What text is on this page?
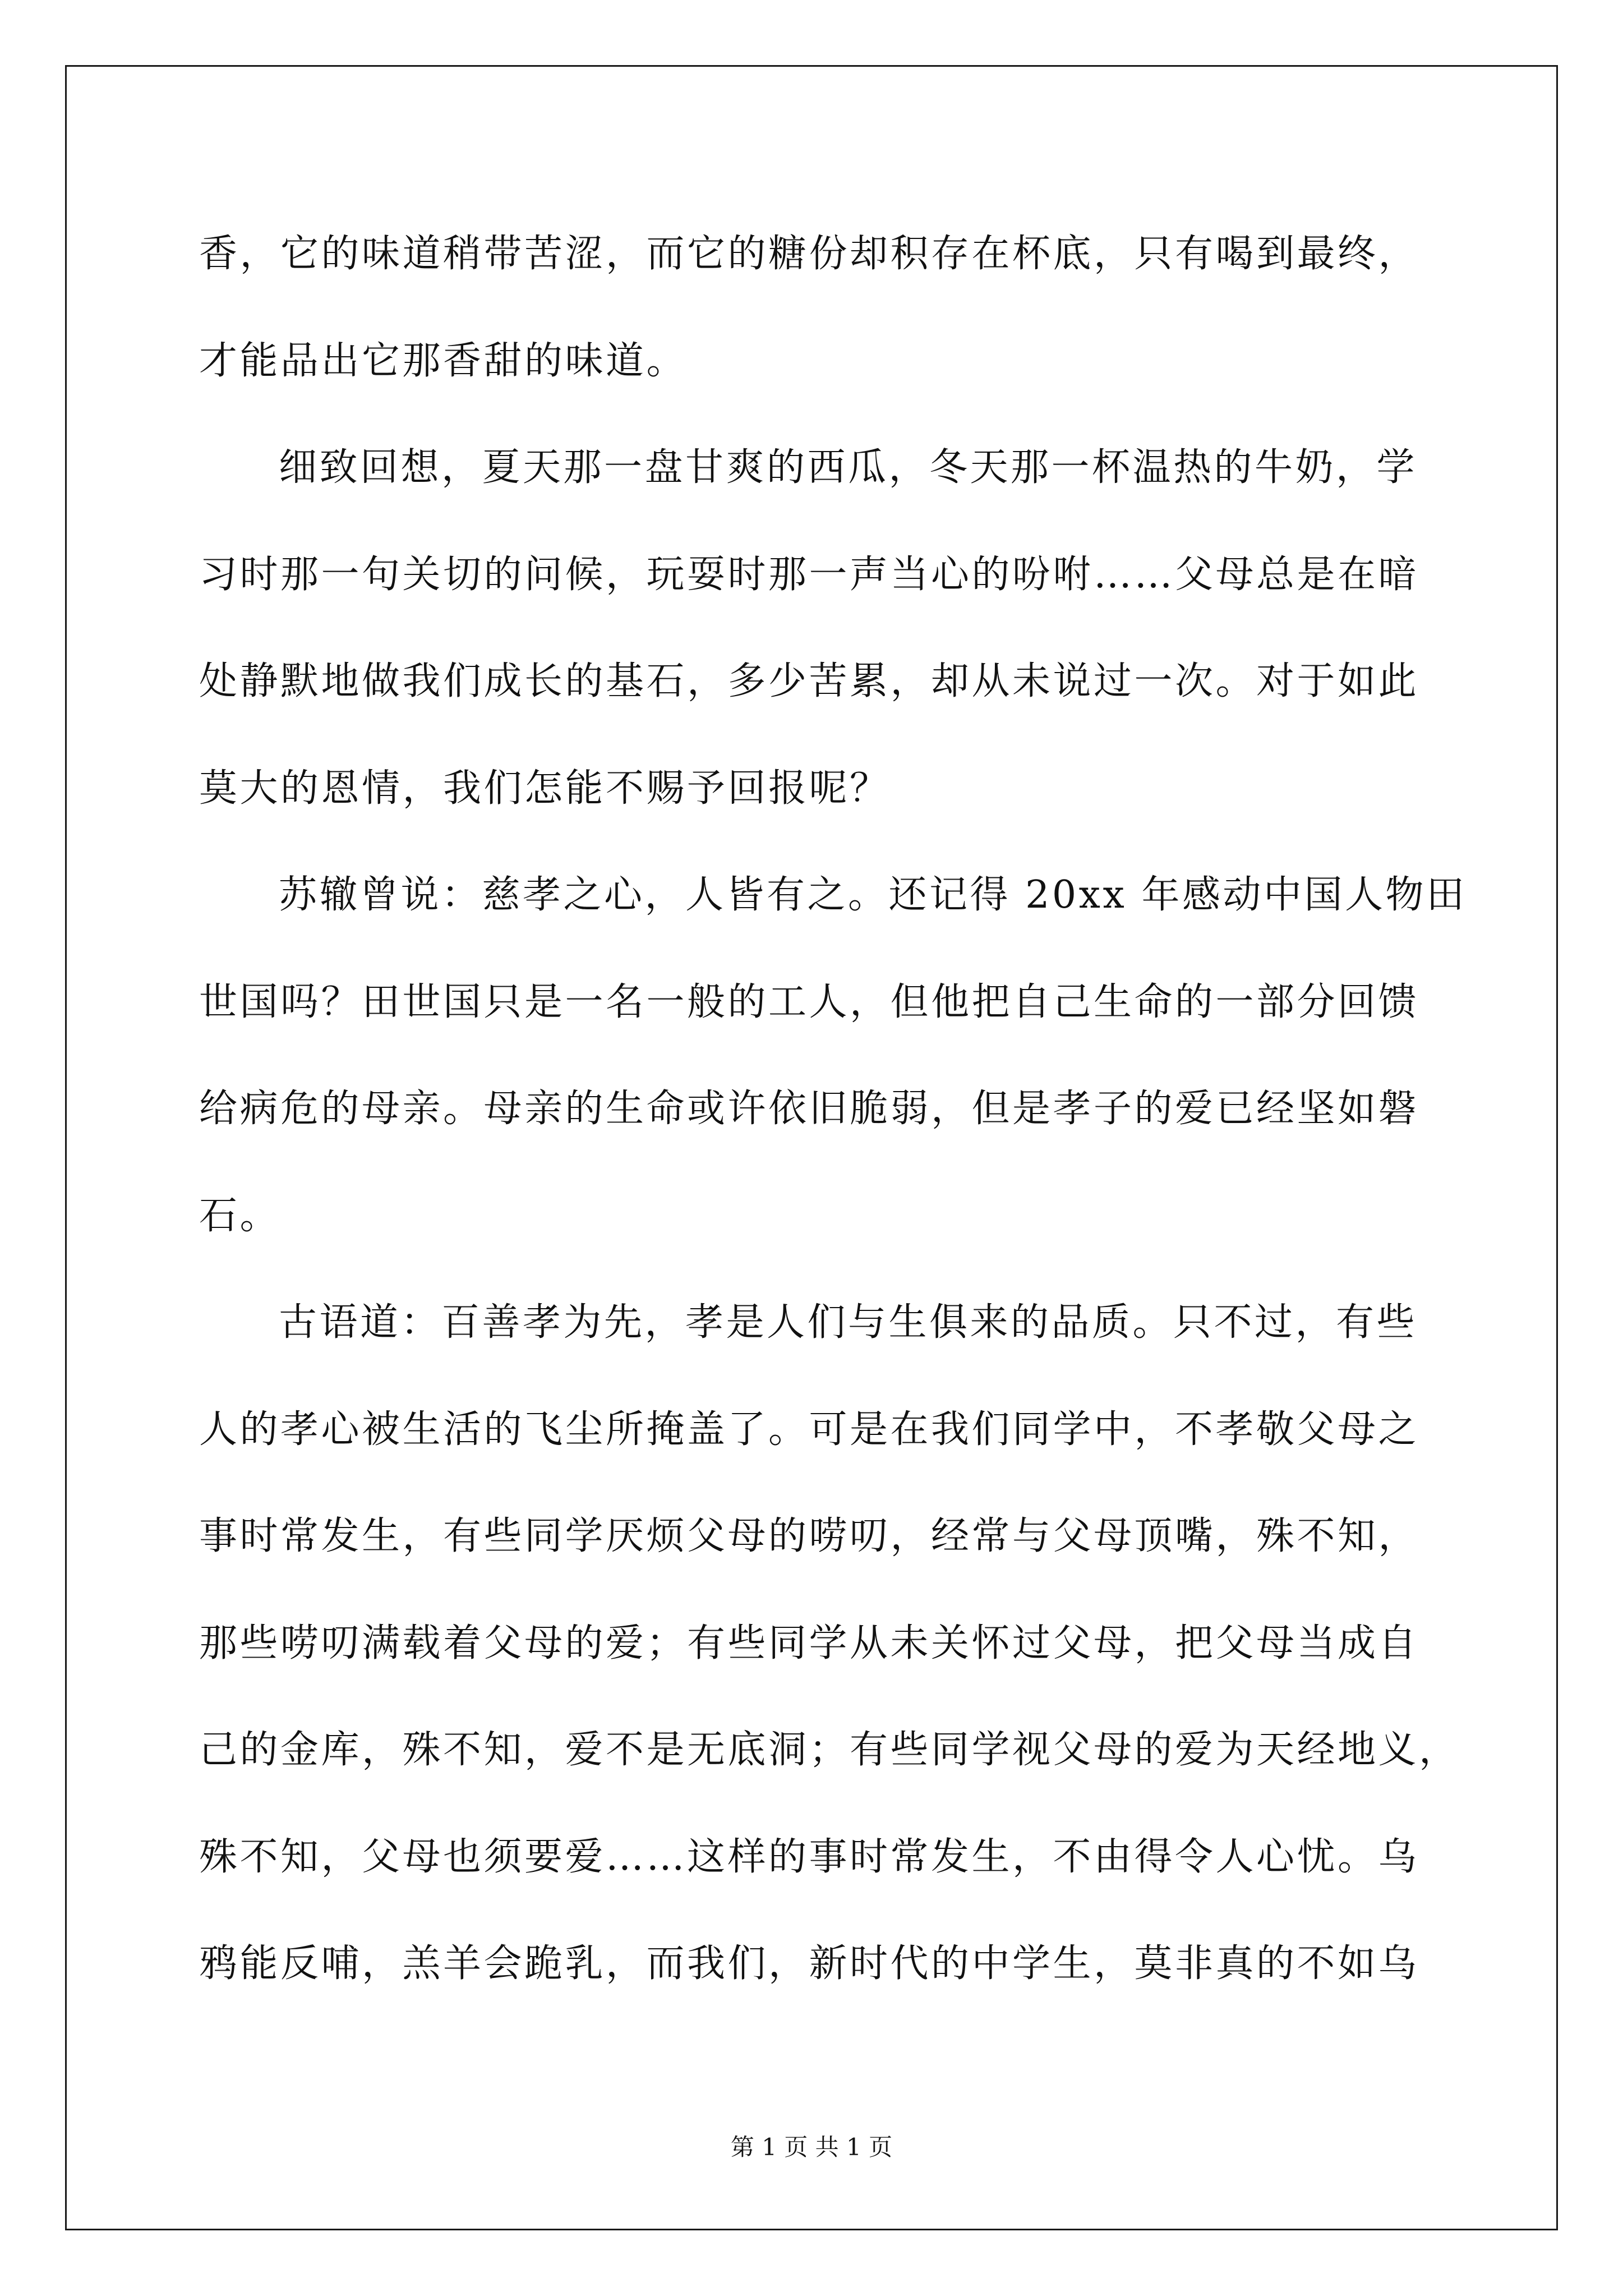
香，它的味道稍带苦涩，而它的糖份却积存在杯底，只有喝到最终，
才能品出它那香甜的味道。
细致回想，夏天那一盘甘爽的西瓜，冬天那一杯温热的牛奶，学
习时那一句关切的问候，玩耍时那一声当心的吩咐……父母总是在暗
处静默地做我们成长的基石，多少苦累，却从未说过一次。对于如此
莫大的恩情，我们怎能不赐予回报呢？
苏辙曾说：慈孝之心，人皆有之。还记得 20xx 年感动中国人物田
世国吗？田世国只是一名一般的工人，但他把自己生命的一部分回馈
给病危的母亲。母亲的生命或许依旧脆弱，但是孝子的爱已经坚如磐
石。
古语道：百善孝为先，孝是人们与生俱来的品质。只不过，有些
人的孝心被生活的飞尘所掩盖了。可是在我们同学中，不孝敬父母之
事时常发生，有些同学厌烦父母的唠叨，经常与父母顶嘴，殊不知，
那些唠叨满载着父母的爱；有些同学从未关怀过父母，把父母当成自
己的金库，殊不知，爱不是无底洞；有些同学视父母的爱为天经地义，
殊不知，父母也须要爱……这样的事时常发生，不由得令人心忧。乌
鸦能反哺，羔羊会跪乳，而我们，新时代的中学生，莫非真的不如乌
第 1 页 共 1 页
